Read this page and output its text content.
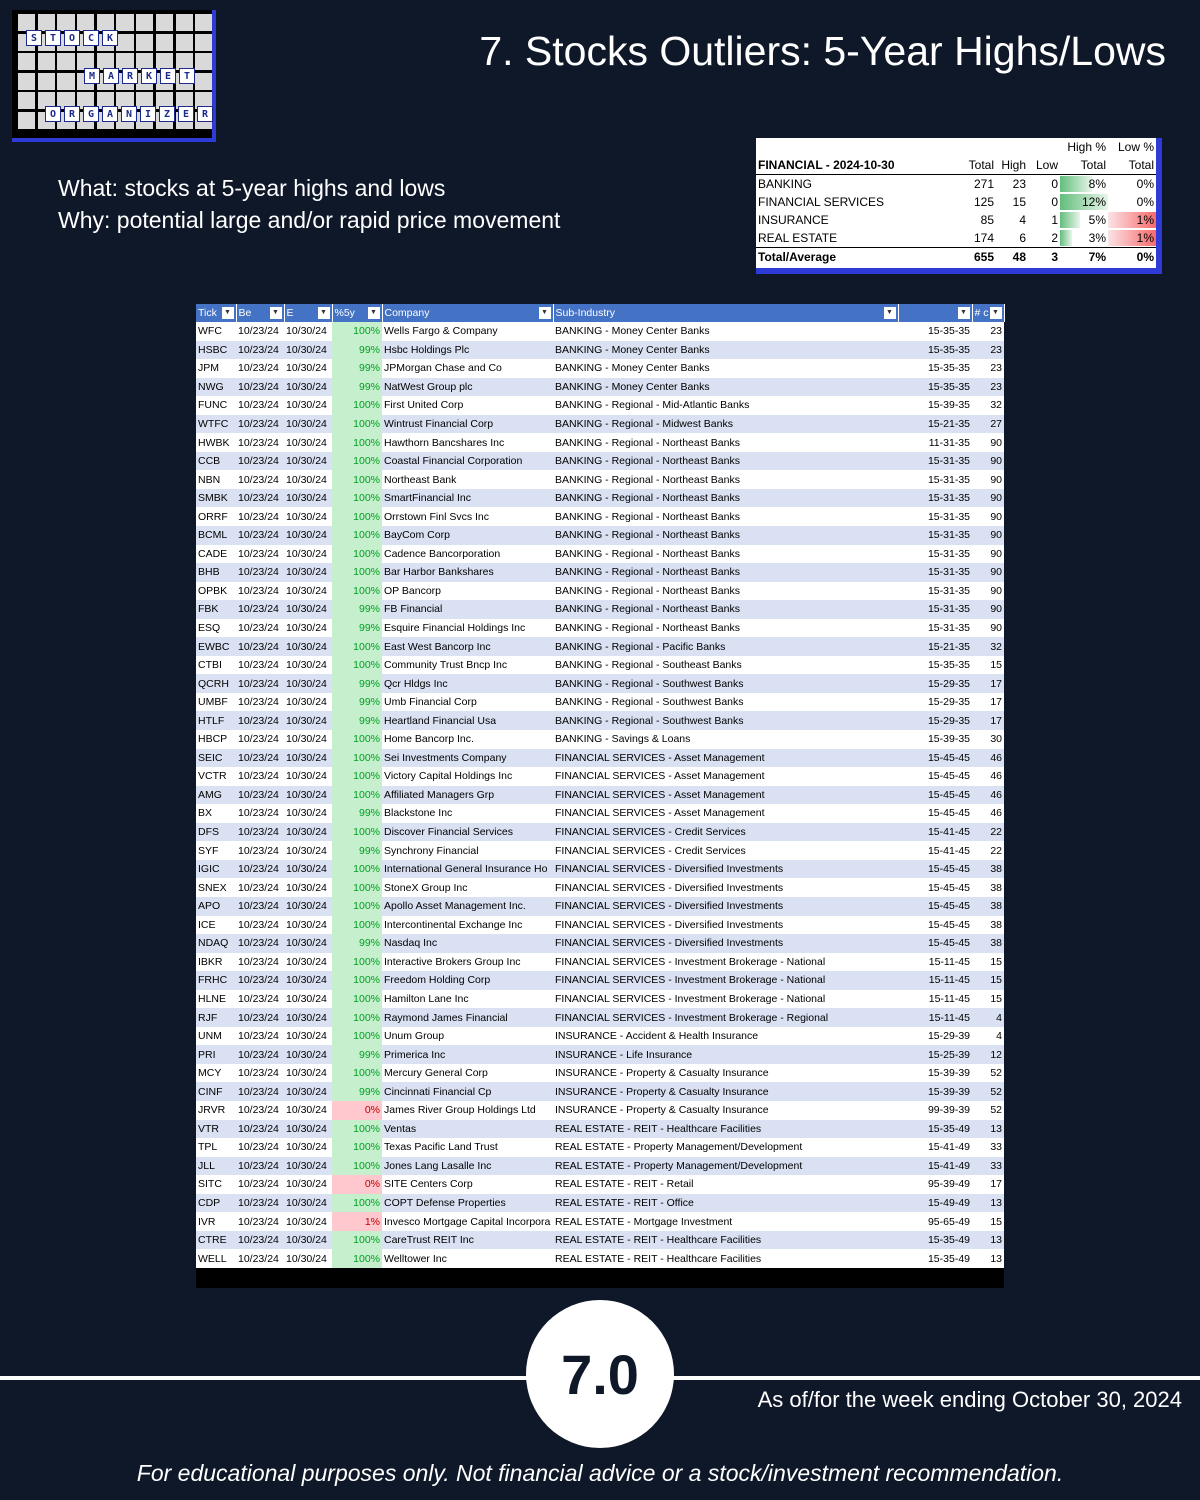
S	T	O	C	K
M	A	R	K	E	T
O	R	G	A	N	I	Z	E	R
7. Stocks Outliers: 5-Year Highs/Lows
What: stocks at 5-year highs and lows
Why: potential large and/or rapid price movement
				High %	Low %
FINANCIAL - 2024-10-30	Total	High	Low	Total	Total
BANKING	271	23	0	8%	0%
FINANCIAL SERVICES	125	15	0	12%	0%
INSURANCE	85	4	1	5%	1%
REAL ESTATE	174	6	2	3%	1%
Total/Average	655	48	3	7%	0%
Tick ▼	Be ▼	E ▼	%5y ▼	Company ▼	Sub-Industry ▼	▼	# c ▼

WFC	10/23/24	10/30/24	100%	Wells Fargo & Company	BANKING - Money Center Banks	15-35-35	23
HSBC	10/23/24	10/30/24	99%	Hsbc Holdings Plc	BANKING - Money Center Banks	15-35-35	23
JPM	10/23/24	10/30/24	99%	JPMorgan Chase and Co	BANKING - Money Center Banks	15-35-35	23
NWG	10/23/24	10/30/24	99%	NatWest Group plc	BANKING - Money Center Banks	15-35-35	23
FUNC	10/23/24	10/30/24	100%	First United Corp	BANKING - Regional - Mid-Atlantic Banks	15-39-35	32
WTFC	10/23/24	10/30/24	100%	Wintrust Financial Corp	BANKING - Regional - Midwest Banks	15-21-35	27
HWBK	10/23/24	10/30/24	100%	Hawthorn Bancshares Inc	BANKING - Regional - Northeast Banks	11-31-35	90
CCB	10/23/24	10/30/24	100%	Coastal Financial Corporation	BANKING - Regional - Northeast Banks	15-31-35	90
NBN	10/23/24	10/30/24	100%	Northeast Bank	BANKING - Regional - Northeast Banks	15-31-35	90
SMBK	10/23/24	10/30/24	100%	SmartFinancial Inc	BANKING - Regional - Northeast Banks	15-31-35	90
ORRF	10/23/24	10/30/24	100%	Orrstown Finl Svcs Inc	BANKING - Regional - Northeast Banks	15-31-35	90
BCML	10/23/24	10/30/24	100%	BayCom Corp	BANKING - Regional - Northeast Banks	15-31-35	90
CADE	10/23/24	10/30/24	100%	Cadence Bancorporation	BANKING - Regional - Northeast Banks	15-31-35	90
BHB	10/23/24	10/30/24	100%	Bar Harbor Bankshares	BANKING - Regional - Northeast Banks	15-31-35	90
OPBK	10/23/24	10/30/24	100%	OP Bancorp	BANKING - Regional - Northeast Banks	15-31-35	90
FBK	10/23/24	10/30/24	99%	FB Financial	BANKING - Regional - Northeast Banks	15-31-35	90
ESQ	10/23/24	10/30/24	99%	Esquire Financial Holdings Inc	BANKING - Regional - Northeast Banks	15-31-35	90
EWBC	10/23/24	10/30/24	100%	East West Bancorp Inc	BANKING - Regional - Pacific Banks	15-21-35	32
CTBI	10/23/24	10/30/24	100%	Community Trust Bncp Inc	BANKING - Regional - Southeast Banks	15-35-35	15
QCRH	10/23/24	10/30/24	99%	Qcr Hldgs Inc	BANKING - Regional - Southwest Banks	15-29-35	17
UMBF	10/23/24	10/30/24	99%	Umb Financial Corp	BANKING - Regional - Southwest Banks	15-29-35	17
HTLF	10/23/24	10/30/24	99%	Heartland Financial Usa	BANKING - Regional - Southwest Banks	15-29-35	17
HBCP	10/23/24	10/30/24	100%	Home Bancorp Inc.	BANKING - Savings & Loans	15-39-35	30
SEIC	10/23/24	10/30/24	100%	Sei Investments Company	FINANCIAL SERVICES - Asset Management	15-45-45	46
VCTR	10/23/24	10/30/24	100%	Victory Capital Holdings Inc	FINANCIAL SERVICES - Asset Management	15-45-45	46
AMG	10/23/24	10/30/24	100%	Affiliated Managers Grp	FINANCIAL SERVICES - Asset Management	15-45-45	46
BX	10/23/24	10/30/24	99%	Blackstone Inc	FINANCIAL SERVICES - Asset Management	15-45-45	46
DFS	10/23/24	10/30/24	100%	Discover Financial Services	FINANCIAL SERVICES - Credit Services	15-41-45	22
SYF	10/23/24	10/30/24	99%	Synchrony Financial	FINANCIAL SERVICES - Credit Services	15-41-45	22
IGIC	10/23/24	10/30/24	100%	International General Insurance Ho	FINANCIAL SERVICES - Diversified Investments	15-45-45	38
SNEX	10/23/24	10/30/24	100%	StoneX Group Inc	FINANCIAL SERVICES - Diversified Investments	15-45-45	38
APO	10/23/24	10/30/24	100%	Apollo Asset Management Inc.	FINANCIAL SERVICES - Diversified Investments	15-45-45	38
ICE	10/23/24	10/30/24	100%	Intercontinental Exchange Inc	FINANCIAL SERVICES - Diversified Investments	15-45-45	38
NDAQ	10/23/24	10/30/24	99%	Nasdaq Inc	FINANCIAL SERVICES - Diversified Investments	15-45-45	38
IBKR	10/23/24	10/30/24	100%	Interactive Brokers Group Inc	FINANCIAL SERVICES - Investment Brokerage - National	15-11-45	15
FRHC	10/23/24	10/30/24	100%	Freedom Holding Corp	FINANCIAL SERVICES - Investment Brokerage - National	15-11-45	15
HLNE	10/23/24	10/30/24	100%	Hamilton Lane Inc	FINANCIAL SERVICES - Investment Brokerage - National	15-11-45	15
RJF	10/23/24	10/30/24	100%	Raymond James Financial	FINANCIAL SERVICES - Investment Brokerage - Regional	15-11-45	4
UNM	10/23/24	10/30/24	100%	Unum Group	INSURANCE - Accident & Health Insurance	15-29-39	4
PRI	10/23/24	10/30/24	99%	Primerica Inc	INSURANCE - Life Insurance	15-25-39	12
MCY	10/23/24	10/30/24	100%	Mercury General Corp	INSURANCE - Property & Casualty Insurance	15-39-39	52
CINF	10/23/24	10/30/24	99%	Cincinnati Financial Cp	INSURANCE - Property & Casualty Insurance	15-39-39	52
JRVR	10/23/24	10/30/24	0%	James River Group Holdings Ltd	INSURANCE - Property & Casualty Insurance	99-39-39	52
VTR	10/23/24	10/30/24	100%	Ventas	REAL ESTATE - REIT - Healthcare Facilities	15-35-49	13
TPL	10/23/24	10/30/24	100%	Texas Pacific Land Trust	REAL ESTATE - Property Management/Development	15-41-49	33
JLL	10/23/24	10/30/24	100%	Jones Lang Lasalle Inc	REAL ESTATE - Property Management/Development	15-41-49	33
SITC	10/23/24	10/30/24	0%	SITE Centers Corp	REAL ESTATE - REIT - Retail	95-39-49	17
CDP	10/23/24	10/30/24	100%	COPT Defense Properties	REAL ESTATE - REIT - Office	15-49-49	13
IVR	10/23/24	10/30/24	1%	Invesco Mortgage Capital Incorpora	REAL ESTATE - Mortgage Investment	95-65-49	15
CTRE	10/23/24	10/30/24	100%	CareTrust REIT Inc	REAL ESTATE - REIT - Healthcare Facilities	15-35-49	13
WELL	10/23/24	10/30/24	100%	Welltower Inc	REAL ESTATE - REIT - Healthcare Facilities	15-35-49	13
7.0	As of/for the week ending October 30, 2024
For educational purposes only. Not financial advice or a stock/investment recommendation.
